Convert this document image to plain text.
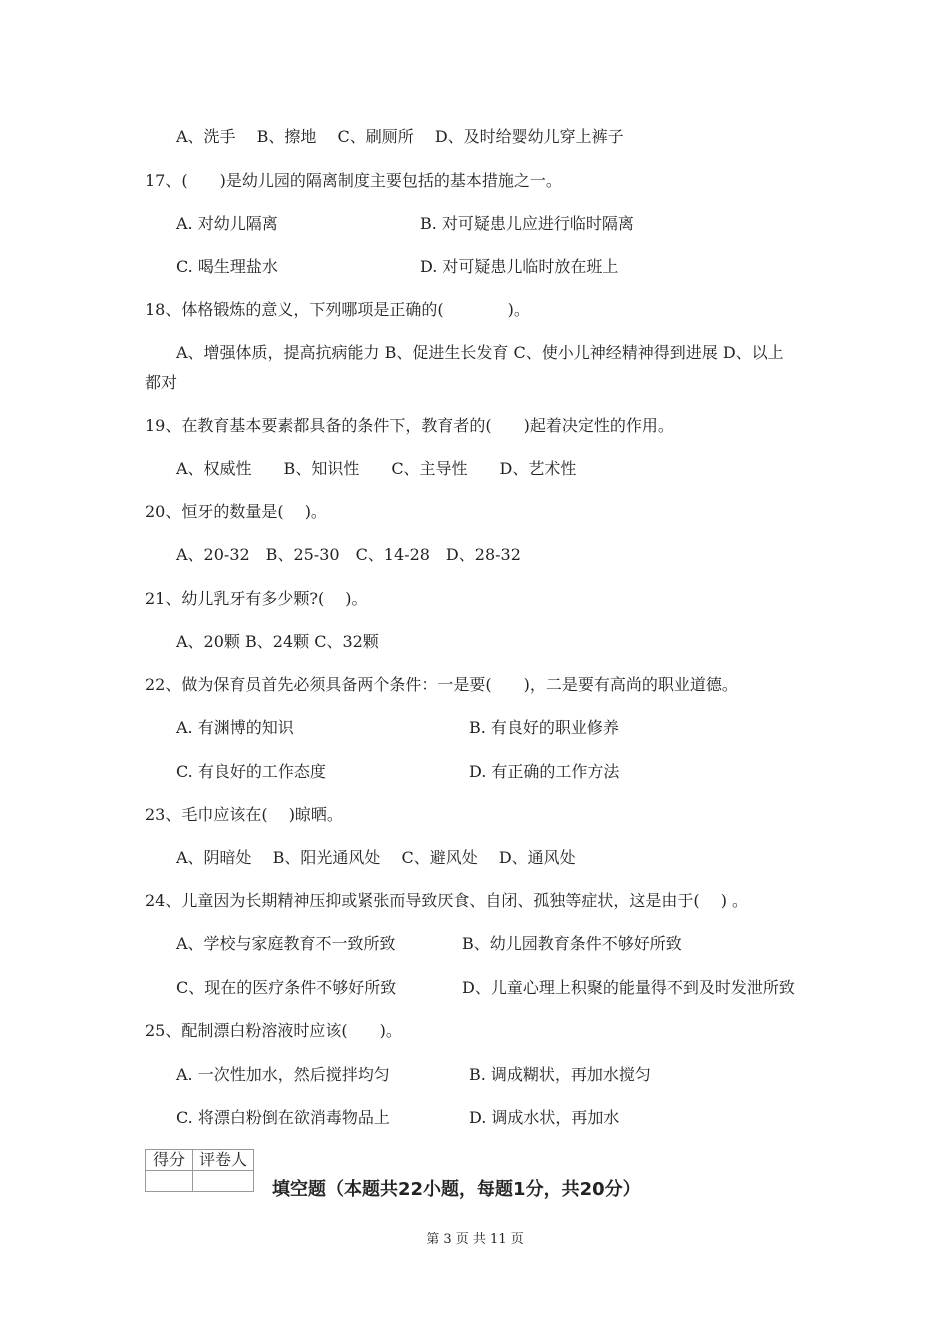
A、洗手　 B、擦地　 C、刷厕所　 D、及时给婴幼儿穿上裤子
17、(　　)是幼儿园的隔离制度主要包括的基本措施之一。
A. 对幼儿隔离	B. 对可疑患儿应进行临时隔离
C. 喝生理盐水	D. 对可疑患儿临时放在班上
18、体格锻炼的意义，下列哪项是正确的(　　　　)。
A、增强体质，提高抗病能力 B、促进生长发育 C、使小儿神经精神得到进展 D、以上
都对
19、在教育基本要素都具备的条件下，教育者的(　　)起着决定性的作用。
A、权威性　　B、知识性　　C、主导性　　D、艺术性
20、恒牙的数量是(　 )。
A、20-32　B、25-30　C、14-28　D、28-32
21、幼儿乳牙有多少颗?(　 )。
A、20颗 B、24颗 C、32颗
22、做为保育员首先必须具备两个条件：一是要(　　)，二是要有高尚的职业道德。
A. 有渊博的知识	B. 有良好的职业修养
C. 有良好的工作态度	D. 有正确的工作方法
23、毛巾应该在(　 )晾晒。
A、阴暗处　 B、阳光通风处　 C、避风处　 D、通风处
24、儿童因为长期精神压抑或紧张而导致厌食、自闭、孤独等症状，这是由于(　 ) 。
A、学校与家庭教育不一致所致	B、幼儿园教育条件不够好所致
C、现在的医疗条件不够好所致	D、儿童心理上积聚的能量得不到及时发泄所致
25、配制漂白粉溶液时应该(　　)。
A. 一次性加水，然后搅拌均匀	B. 调成糊状，再加水搅匀
C. 将漂白粉倒在欲消毒物品上	D. 调成水状，再加水
得分	评卷人

填空题（本题共22小题，每题1分，共20分）
第 3 页 共 11 页
